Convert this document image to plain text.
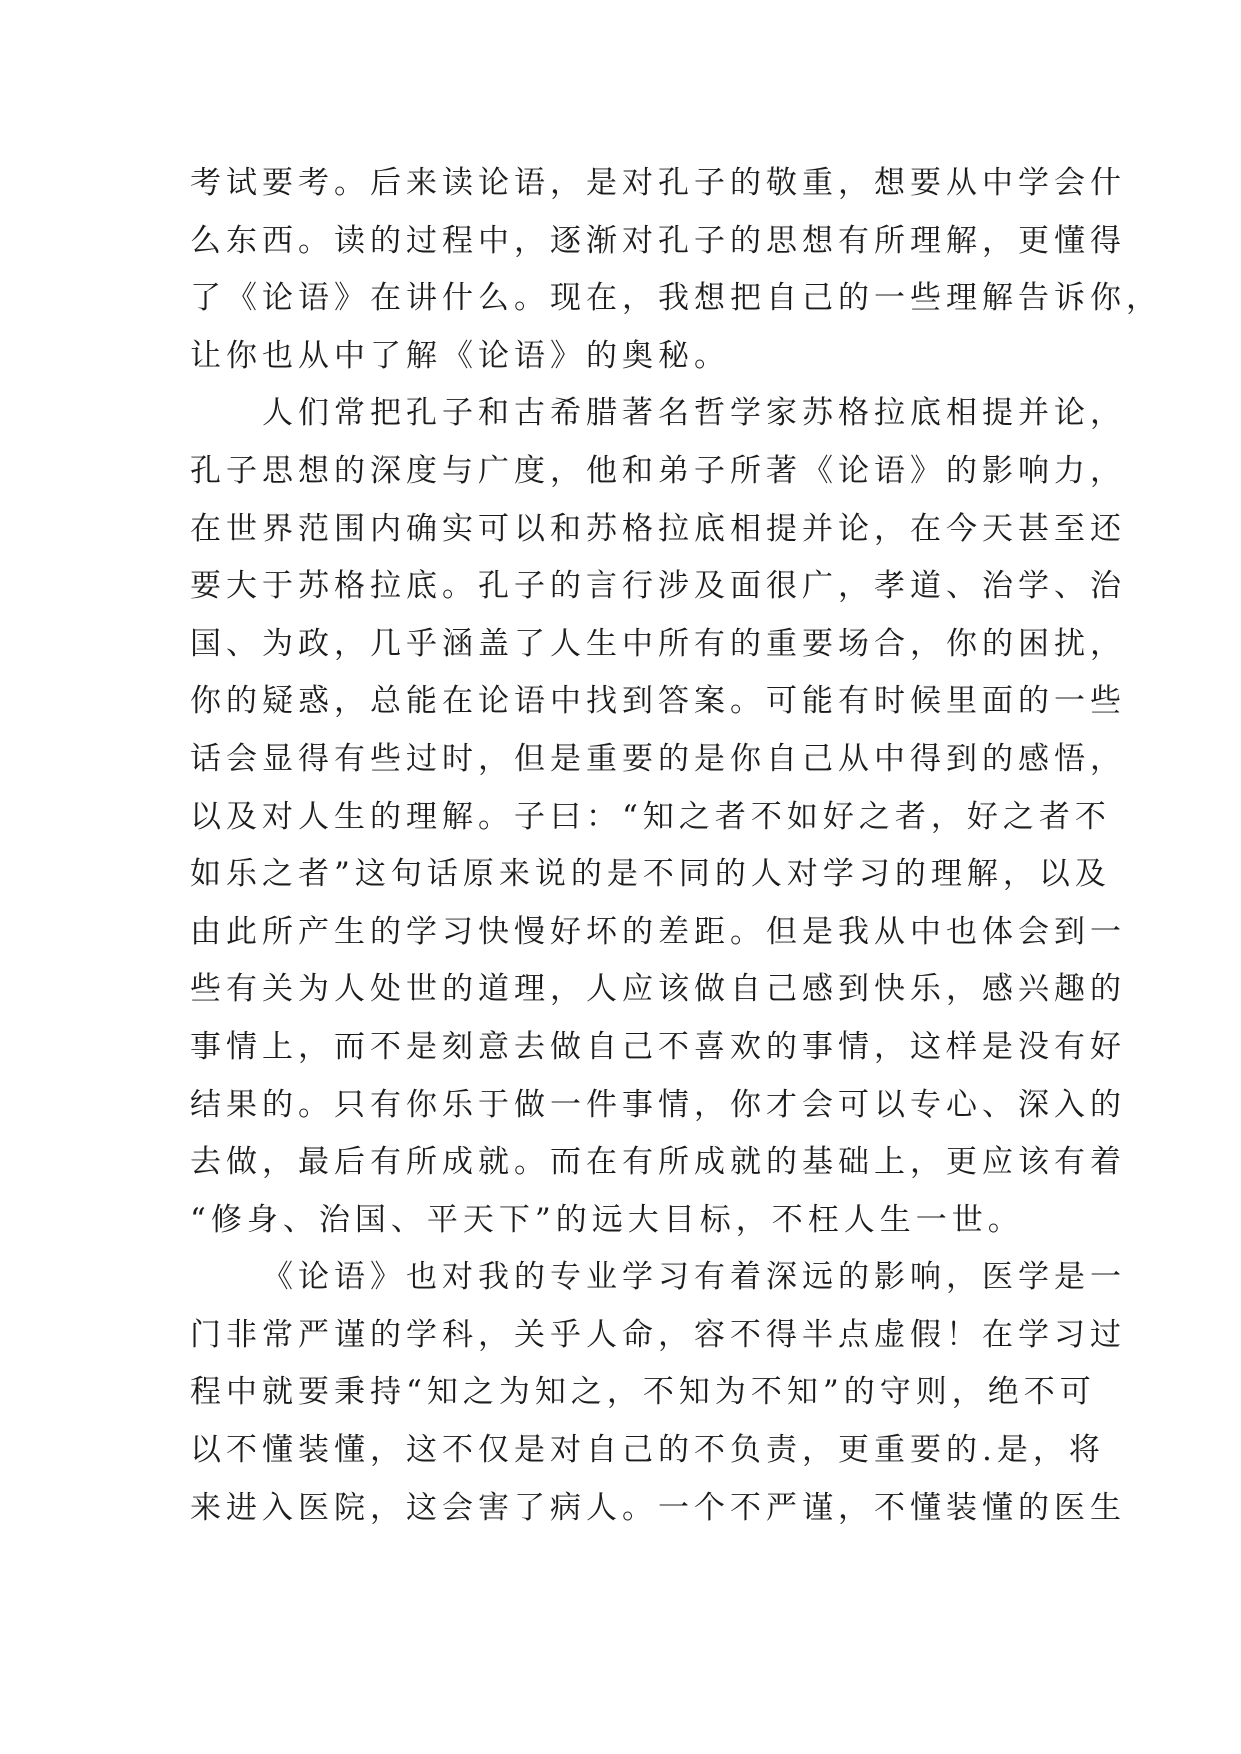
考试要考。后来读论语，是对孔子的敬重，想要从中学会什
么东西。读的过程中，逐渐对孔子的思想有所理解，更懂得
了《论语》在讲什么。现在，我想把自己的一些理解告诉你，
让你也从中了解《论语》的奥秘。
人们常把孔子和古希腊著名哲学家苏格拉底相提并论，
孔子思想的深度与广度，他和弟子所著《论语》的影响力，
在世界范围内确实可以和苏格拉底相提并论，在今天甚至还
要大于苏格拉底。孔子的言行涉及面很广，孝道、治学、治
国、为政，几乎涵盖了人生中所有的重要场合，你的困扰，
你的疑惑，总能在论语中找到答案。可能有时候里面的一些
话会显得有些过时，但是重要的是你自己从中得到的感悟，
以及对人生的理解。子曰：“知之者不如好之者，好之者不
如乐之者”这句话原来说的是不同的人对学习的理解，以及
由此所产生的学习快慢好坏的差距。但是我从中也体会到一
些有关为人处世的道理，人应该做自己感到快乐，感兴趣的
事情上，而不是刻意去做自己不喜欢的事情，这样是没有好
结果的。只有你乐于做一件事情，你才会可以专心、深入的
去做，最后有所成就。而在有所成就的基础上，更应该有着
“修身、治国、平天下”的远大目标，不枉人生一世。
《论语》也对我的专业学习有着深远的影响，医学是一
门非常严谨的学科，关乎人命，容不得半点虚假！在学习过
程中就要秉持“知之为知之，不知为不知”的守则，绝不可
以不懂装懂，这不仅是对自己的不负责，更重要的.是，将
来进入医院，这会害了病人。一个不严谨，不懂装懂的医生
